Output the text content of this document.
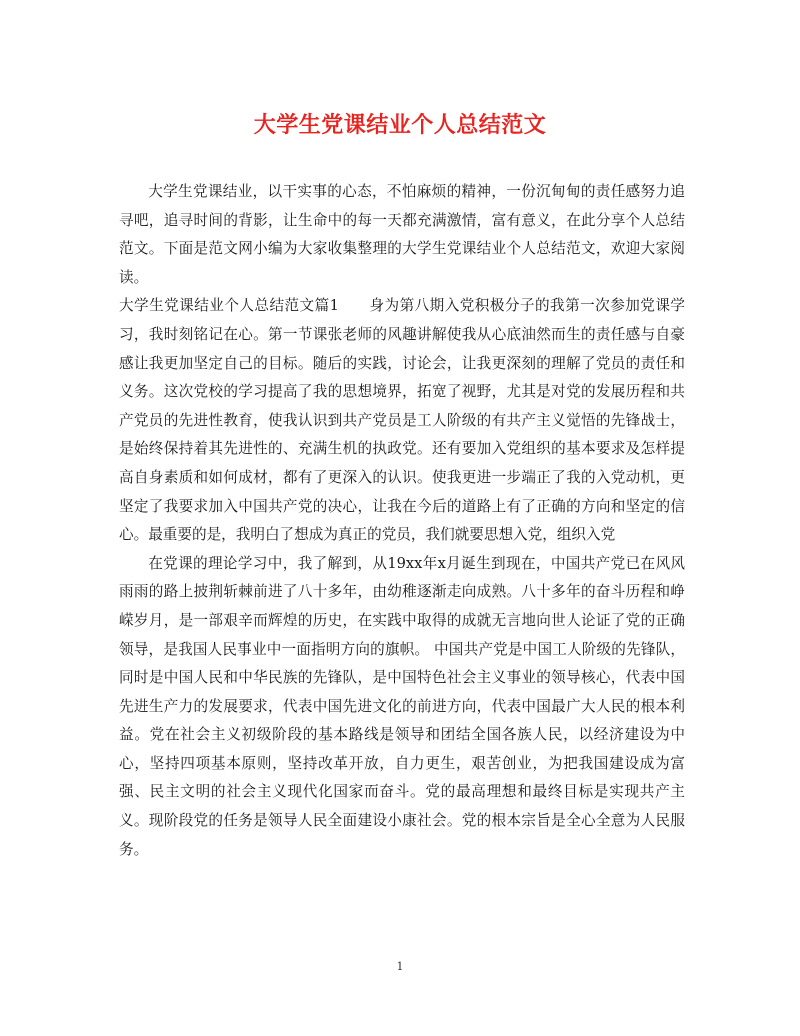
大学生党课结业个人总结范文

大学生党课结业，以干实事的心态，不怕麻烦的精神，一份沉甸甸的责任感努力追寻吧，追寻时间的背影，让生命中的每一天都充满激情，富有意义，在此分享个人总结范文。下面是范文网小编为大家收集整理的大学生党课结业个人总结范文，欢迎大家阅读。

大学生党课结业个人总结范文篇1　　身为第八期入党积极分子的我第一次参加党课学习，我时刻铭记在心。第一节课张老师的风趣讲解使我从心底油然而生的责任感与自豪感让我更加坚定自己的目标。随后的实践，讨论会，让我更深刻的理解了党员的责任和义务。这次党校的学习提高了我的思想境界，拓宽了视野，尤其是对党的发展历程和共产党员的先进性教育，使我认识到共产党员是工人阶级的有共产主义觉悟的先锋战士，是始终保持着其先进性的、充满生机的执政党。还有要加入党组织的基本要求及怎样提高自身素质和如何成材，都有了更深入的认识。使我更进一步端正了我的入党动机，更坚定了我要求加入中国共产党的决心，让我在今后的道路上有了正确的方向和坚定的信心。最重要的是，我明白了想成为真正的党员，我们就要思想入党，组织入党

在党课的理论学习中，我了解到，从19xx年x月诞生到现在，中国共产党已在风风雨雨的路上披荆斩棘前进了八十多年，由幼稚逐渐走向成熟。八十多年的奋斗历程和峥嵘岁月，是一部艰辛而辉煌的历史，在实践中取得的成就无言地向世人论证了党的正确领导，是我国人民事业中一面指明方向的旗帜。 中国共产党是中国工人阶级的先锋队，同时是中国人民和中华民族的先锋队，是中国特色社会主义事业的领导核心，代表中国先进生产力的发展要求，代表中国先进文化的前进方向，代表中国最广大人民的根本利益。党在社会主义初级阶段的基本路线是领导和团结全国各族人民，以经济建设为中心，坚持四项基本原则，坚持改革开放，自力更生，艰苦创业，为把我国建设成为富强、民主文明的社会主义现代化国家而奋斗。党的最高理想和最终目标是实现共产主义。现阶段党的任务是领导人民全面建设小康社会。党的根本宗旨是全心全意为人民服务。

1
